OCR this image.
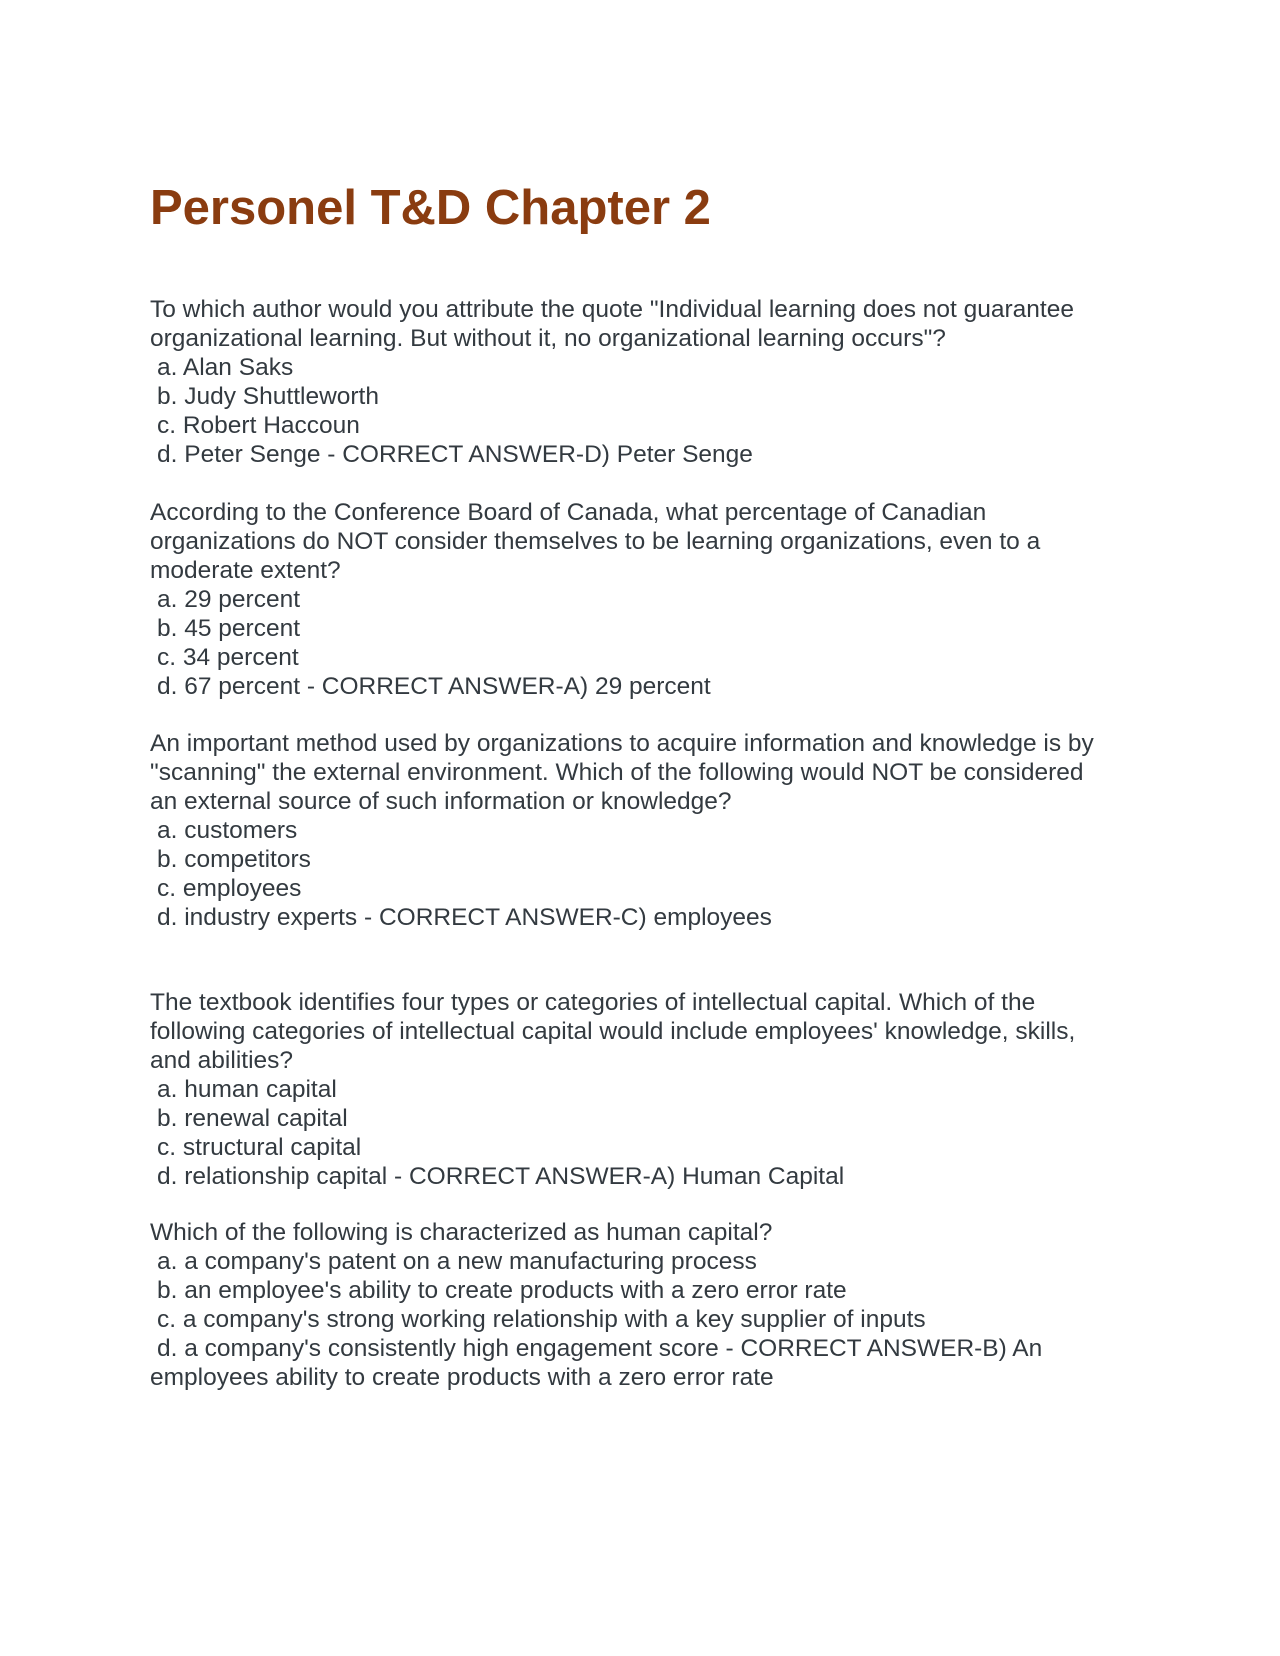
Personel T&D Chapter 2
To which author would you attribute the quote "Individual learning does not guarantee
organizational learning. But without it, no organizational learning occurs"?
a. Alan Saks
b. Judy Shuttleworth
c. Robert Haccoun
d. Peter Senge - CORRECT ANSWER-D) Peter Senge
According to the Conference Board of Canada, what percentage of Canadian
organizations do NOT consider themselves to be learning organizations, even to a
moderate extent?
a. 29 percent
b. 45 percent
c. 34 percent
d. 67 percent - CORRECT ANSWER-A) 29 percent
An important method used by organizations to acquire information and knowledge is by
"scanning" the external environment. Which of the following would NOT be considered
an external source of such information or knowledge?
a. customers
b. competitors
c. employees
d. industry experts - CORRECT ANSWER-C) employees
The textbook identifies four types or categories of intellectual capital. Which of the
following categories of intellectual capital would include employees' knowledge, skills,
and abilities?
a. human capital
b. renewal capital
c. structural capital
d. relationship capital - CORRECT ANSWER-A) Human Capital
Which of the following is characterized as human capital?
a. a company's patent on a new manufacturing process
b. an employee's ability to create products with a zero error rate
c. a company's strong working relationship with a key supplier of inputs
d. a company's consistently high engagement score - CORRECT ANSWER-B) An
employees ability to create products with a zero error rate
